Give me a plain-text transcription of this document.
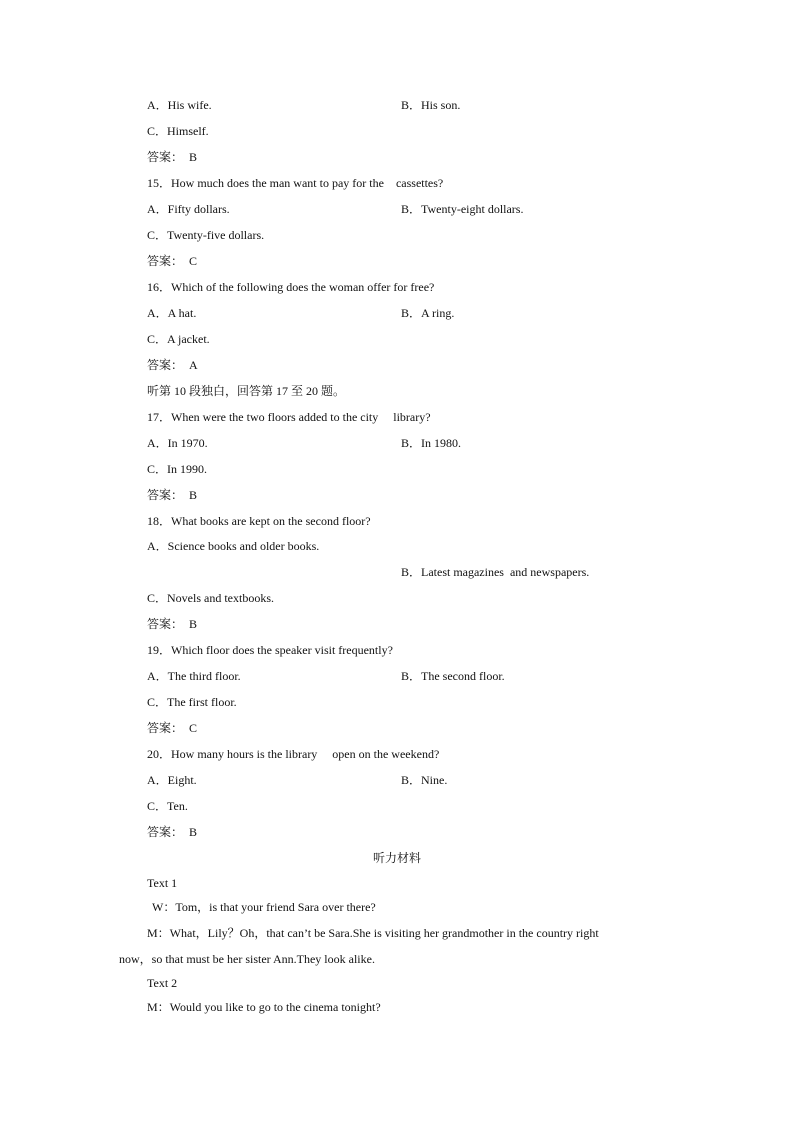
A．His wife.	B．His son.
C．Himself.
答案：  B
15．How much does the man want to pay for the    cassettes?
A．Fifty dollars.	B．Twenty-eight dollars.
C．Twenty-five dollars.
答案：  C
16．Which of the following does the woman offer for free?
A．A hat.	B．A ring.
C．A jacket.
答案：  A
听第 10 段独白，回答第 17 至 20 题。
17．When were the two floors added to the city     library?
A．In 1970.	B．In 1980.
C．In 1990.
答案：  B
18．What books are kept on the second floor?
A．Science books and older books.
B．Latest magazines  and newspapers.
C．Novels and textbooks.
答案：  B
19．Which floor does the speaker visit frequently?
A．The third floor.	B．The second floor.
C．The first floor.
答案：  C
20．How many hours is the library     open on the weekend?
A．Eight.	B．Nine.
C．Ten.
答案：  B
听力材料
Text 1
W：Tom，is that your friend Sara over there?
M：What，Lily？Oh，that can’t be Sara.She is visiting her grandmother in the country right
now，so that must be her sister Ann.They look alike.
Text 2
M：Would you like to go to the cinema tonight?
